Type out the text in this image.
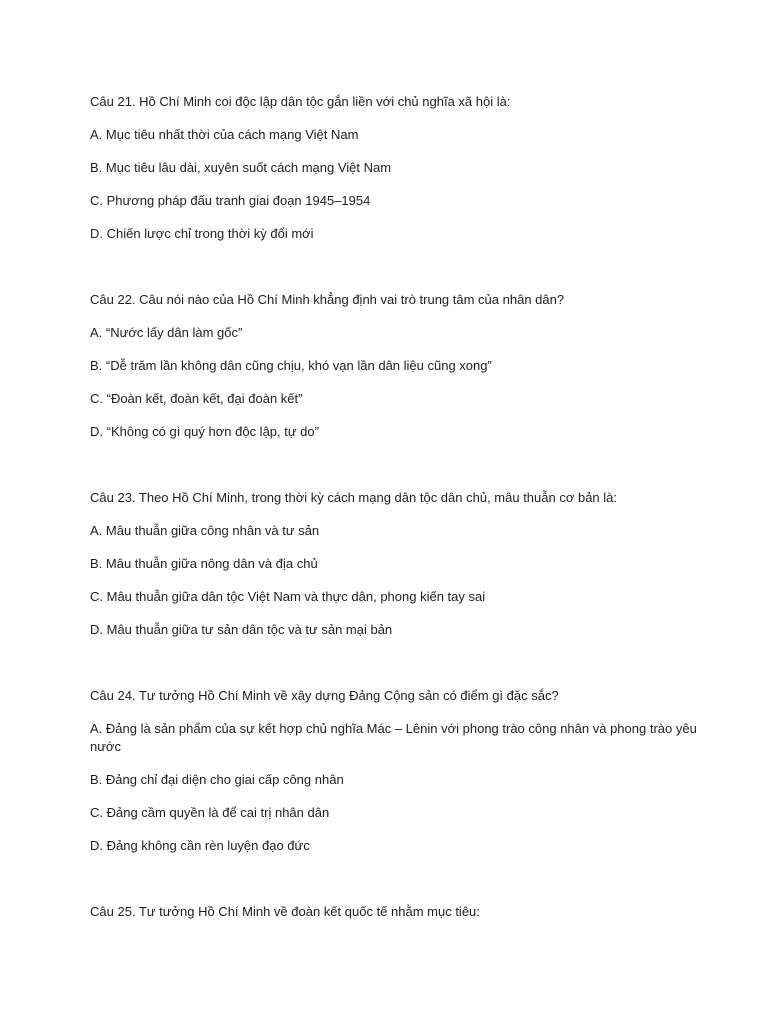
Câu 21. Hồ Chí Minh coi độc lập dân tộc gắn liền với chủ nghĩa xã hội là:

A. Mục tiêu nhất thời của cách mạng Việt Nam

B. Mục tiêu lâu dài, xuyên suốt cách mạng Việt Nam

C. Phương pháp đấu tranh giai đoạn 1945–1954

D. Chiến lược chỉ trong thời kỳ đổi mới

Câu 22. Câu nói nào của Hồ Chí Minh khẳng định vai trò trung tâm của nhân dân?

A. “Nước lấy dân làm gốc”

B. “Dễ trăm lần không dân cũng chịu, khó vạn lần dân liệu cũng xong”

C. “Đoàn kết, đoàn kết, đại đoàn kết”

D. “Không có gì quý hơn độc lập, tự do”

Câu 23. Theo Hồ Chí Minh, trong thời kỳ cách mạng dân tộc dân chủ, mâu thuẫn cơ bản là:

A. Mâu thuẫn giữa công nhân và tư sản

B. Mâu thuẫn giữa nông dân và địa chủ

C. Mâu thuẫn giữa dân tộc Việt Nam và thực dân, phong kiến tay sai

D. Mâu thuẫn giữa tư sản dân tộc và tư sản mại bản

Câu 24. Tư tưởng Hồ Chí Minh về xây dựng Đảng Cộng sản có điểm gì đặc sắc?

A. Đảng là sản phẩm của sự kết hợp chủ nghĩa Mác – Lênin với phong trào công nhân và phong trào yêu nước

B. Đảng chỉ đại diện cho giai cấp công nhân

C. Đảng cầm quyền là để cai trị nhân dân

D. Đảng không cần rèn luyện đạo đức

Câu 25. Tư tưởng Hồ Chí Minh về đoàn kết quốc tế nhằm mục tiêu:
